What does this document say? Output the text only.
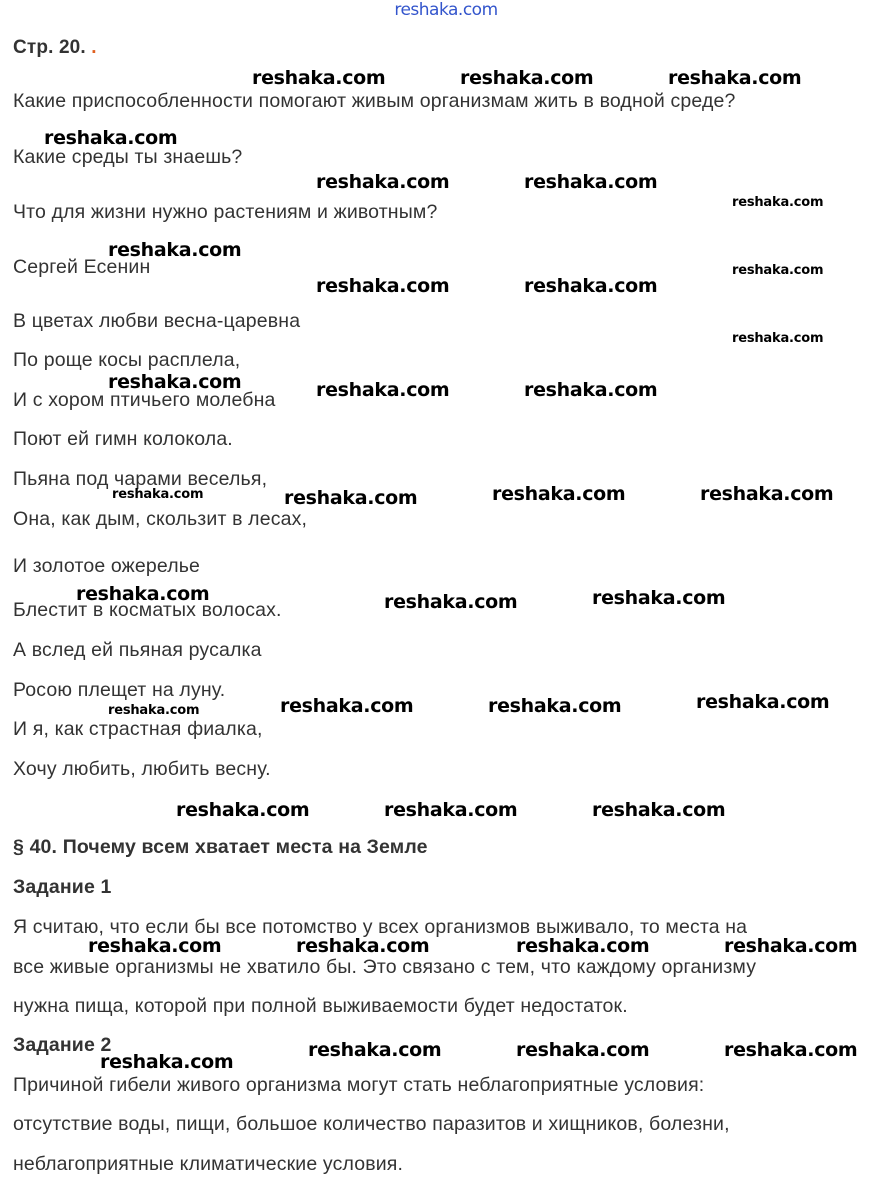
reshaka.com
Стр. 20. .
Какие приспособленности помогают живым организмам жить в водной среде?
Какие среды ты знаешь?
Что для жизни нужно растениям и животным?
Сергей Есенин
В цветах любви весна-царевна
По роще косы расплела,
И с хором птичьего молебна
Поют ей гимн колокола.
Пьяна под чарами веселья,
Она, как дым, скользит в лесах,
И золотое ожерелье
Блестит в косматых волосах.
А вслед ей пьяная русалка
Росою плещет на луну.
И я, как страстная фиалка,
Хочу любить, любить весну.
§ 40. Почему всем хватает места на Земле
Задание 1
Я считаю, что если бы все потомство у всех организмов выживало, то места на
все живые организмы не хватило бы. Это связано с тем, что каждому организму
нужна пища, которой при полной выживаемости будет недостаток.
Задание 2
Причиной гибели живого организма могут стать неблагоприятные условия:
отсутствие воды, пищи, большое количество паразитов и хищников, болезни,
неблагоприятные климатические условия.
reshaka.com	reshaka.com	reshaka.com
reshaka.com
reshaka.com	reshaka.com
reshaka.com
reshaka.com
reshaka.com
reshaka.com	reshaka.com
reshaka.com
reshaka.com	reshaka.com	reshaka.com
reshaka.com	reshaka.com	reshaka.com	reshaka.com
reshaka.com	reshaka.com	reshaka.com
reshaka.com	reshaka.com	reshaka.com	reshaka.com
reshaka.com	reshaka.com	reshaka.com
reshaka.com	reshaka.com	reshaka.com	reshaka.com
reshaka.com
reshaka.com	reshaka.com	reshaka.com
